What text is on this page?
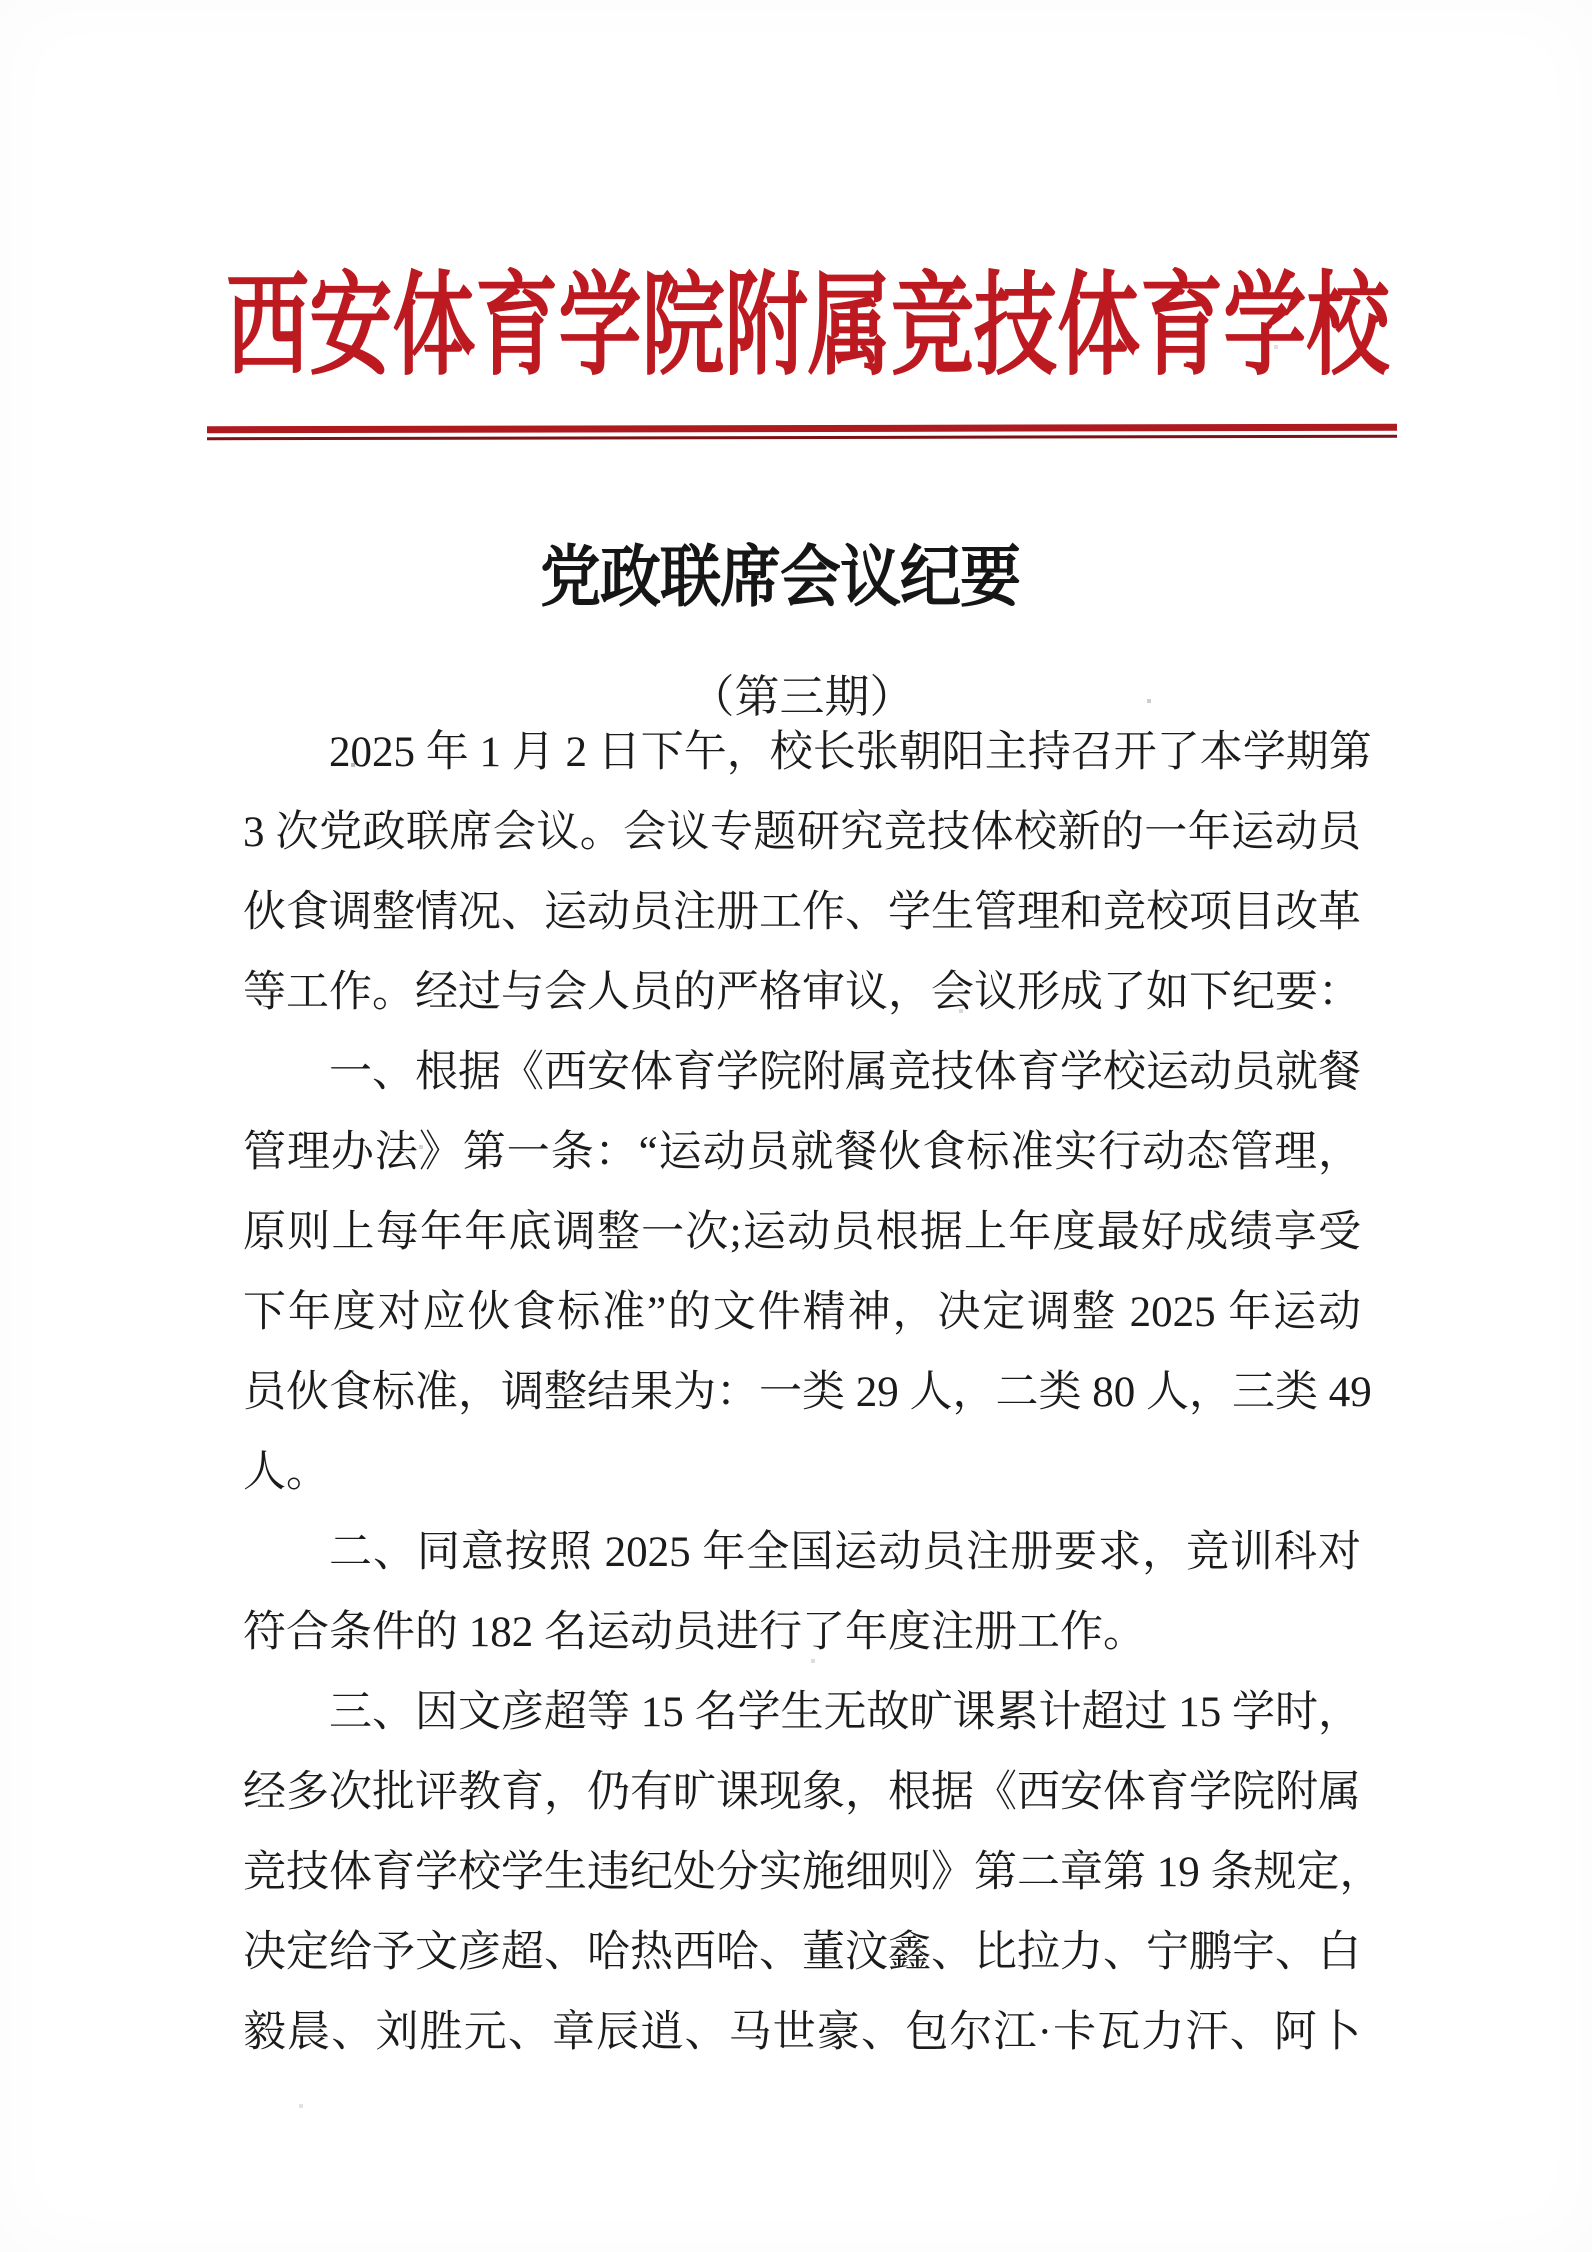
西安体育学院附属竞技体育学校
党政联席会议纪要
（第三期）
2025 年 1 月 2 日下午，校长张朝阳主持召开了本学期第
3 次党政联席会议。会议专题研究竞技体校新的一年运动员
伙食调整情况、运动员注册工作、学生管理和竞校项目改革
等工作。经过与会人员的严格审议，会议形成了如下纪要：
一、根据《西安体育学院附属竞技体育学校运动员就餐
管理办法》第一条：“运动员就餐伙食标准实行动态管理，
原则上每年年底调整一次;运动员根据上年度最好成绩享受
下年度对应伙食标准”的文件精神，决定调整 2025 年运动
员伙食标准，调整结果为：一类 29 人，二类 80 人，三类 49
人。
二、同意按照 2025 年全国运动员注册要求，竞训科对
符合条件的 182 名运动员进行了年度注册工作。
三、因文彦超等 15 名学生无故旷课累计超过 15 学时，
经多次批评教育，仍有旷课现象，根据《西安体育学院附属
竞技体育学校学生违纪处分实施细则》第二章第 19 条规定，
决定给予文彦超、哈热西哈、董汶鑫、比拉力、宁鹏宇、白
毅晨、刘胜元、章辰逍、马世豪、包尔江·卡瓦力汗、阿卜
